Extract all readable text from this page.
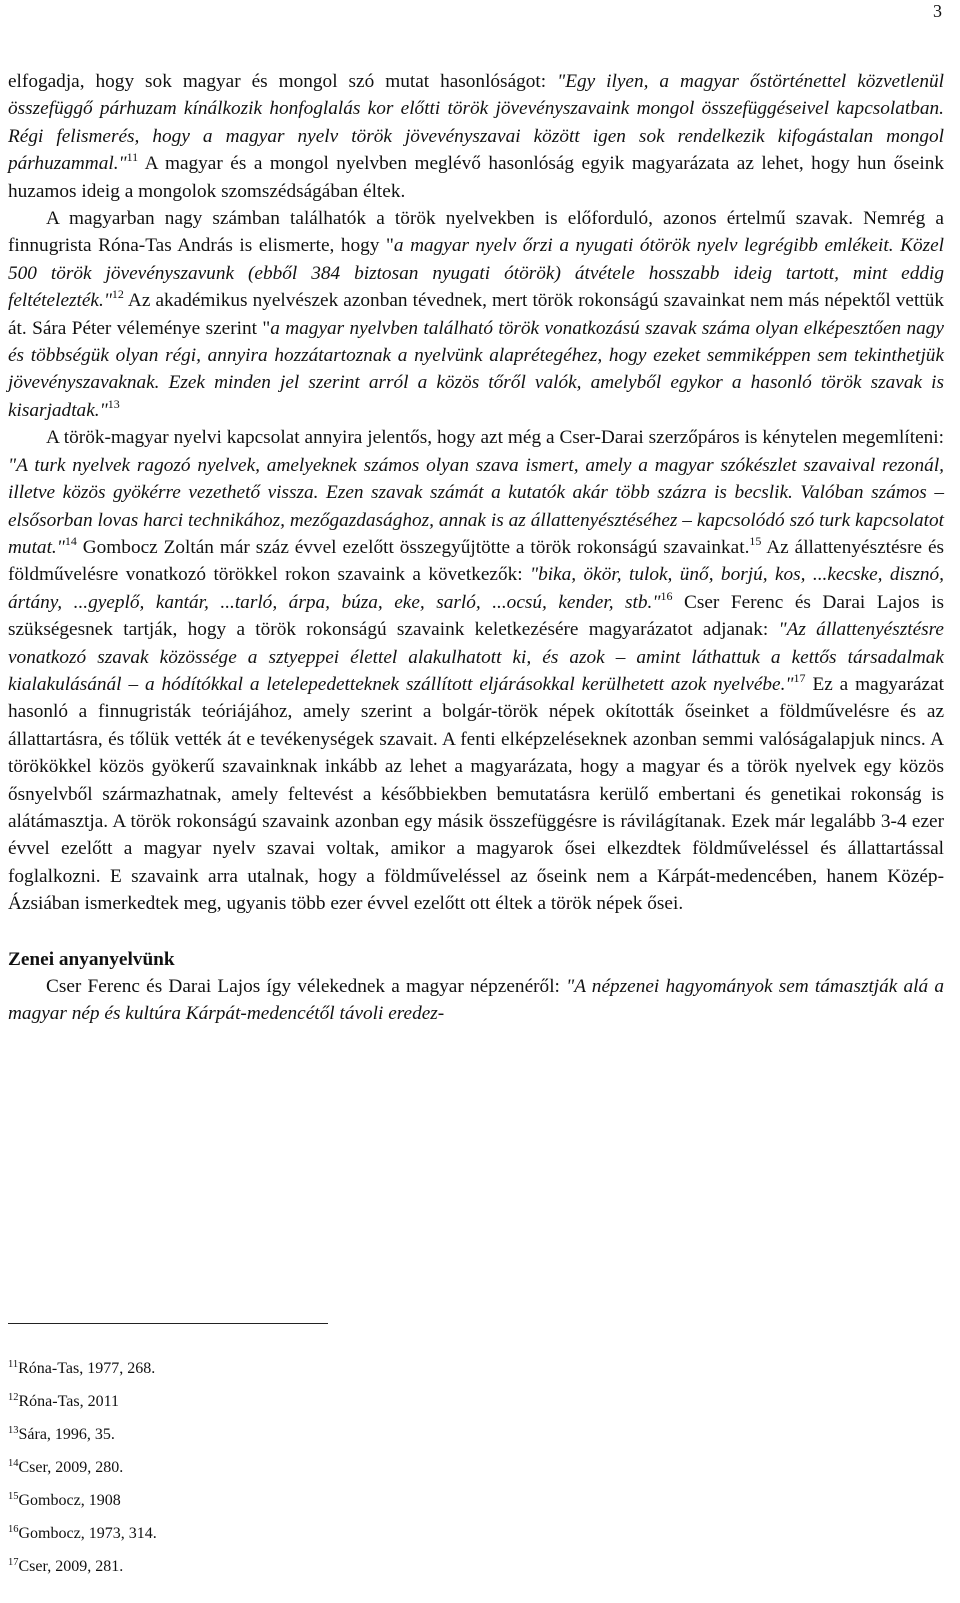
3

elfogadja, hogy sok magyar és mongol szó mutat hasonlóságot: "Egy ilyen, a magyar őstörténettel közvetlenül összefüggő párhuzam kínálkozik honfoglalás kor előtti török jövevényszavaink mongol összefüggéseivel kapcsolatban. Régi felismerés, hogy a magyar nyelv török jövevényszavai között igen sok rendelkezik kifogástalan mongol párhuzammal."$^{11}$ A magyar és a mongol nyelvben meglévő hasonlóság egyik magyarázata az lehet, hogy hun őseink huzamos ideig a mongolok szomszédságában éltek.

A magyarban nagy számban találhatók a török nyelvekben is előforduló, azonos értelmű szavak. Nemrég a finnugrista Róna-Tas András is elismerte, hogy "a magyar nyelv őrzi a nyugati ótörök nyelv legrégibb emlékeit. Közel 500 török jövevényszavunk (ebből 384 biztosan nyugati ótörök) átvétele hosszabb ideig tartott, mint eddig feltételezték."$^{12}$ Az akadémikus nyelvészek azonban tévednek, mert török rokonságú szavainkat nem más népektől vettük át. Sára Péter véleménye szerint "a magyar nyelvben található török vonatkozású szavak száma olyan elképesztően nagy és többségük olyan régi, annyira hozzátartoznak a nyelvünk alaprétegéhez, hogy ezeket semmiképpen sem tekinthetjük jövevényszavaknak. Ezek minden jel szerint arról a közös tőről valók, amelyből egykor a hasonló török szavak is kisarjadtak."$^{13}$

A török-magyar nyelvi kapcsolat annyira jelentős, hogy azt még a Cser-Darai szerzőpáros is kénytelen megemlíteni: "A turk nyelvek ragozó nyelvek, amelyeknek számos olyan szava ismert, amely a magyar szókészlet szavaival rezonál, illetve közös gyökérre vezethető vissza. Ezen szavak számát a kutatók akár több százra is becslik. Valóban számos – elsősorban lovas harci technikához, mezőgazdasághoz, annak is az állattenyésztéséhez – kapcsolódó szó turk kapcsolatot mutat."$^{14}$ Gombocz Zoltán már száz évvel ezelőtt összegyűjtötte a török rokonságú szavainkat.$^{15}$ Az állattenyésztésre és földművelésre vonatkozó törökkel rokon szavaink a következők: "bika, ökör, tulok, ünő, borjú, kos, ...kecske, disznó, ártány, ...gyeplő, kantár, ...tarló, árpa, búza, eke, sarló, ...ocsú, kender, stb."$^{16}$ Cser Ferenc és Darai Lajos is szükségesnek tartják, hogy a török rokonságú szavaink keletkezésére magyarázatot adjanak: "Az állattenyésztésre vonatkozó szavak közössége a sztyeppei élettel alakulhatott ki, és azok – amint láthattuk a kettős társadalmak kialakulásánál – a hódítókkal a letelepedetteknek szállított eljárásokkal kerülhetett azok nyelvébe."$^{17}$ Ez a magyarázat hasonló a finnugristák teóriájához, amely szerint a bolgár-török népek okították őseinket a földművelésre és az állattartásra, és tőlük vették át e tevékenységek szavait. A fenti elképzeléseknek azonban semmi valóságalapjuk nincs. A törökökkel közös gyökerű szavainknak inkább az lehet a magyarázata, hogy a magyar és a török nyelvek egy közös ősnyelvből származhatnak, amely feltevést a későbbiekben bemutatásra kerülő embertani és genetikai rokonság is alátámasztja. A török rokonságú szavaink azonban egy másik összefüggésre is rávilágítanak. Ezek már legalább 3-4 ezer évvel ezelőtt a magyar nyelv szavai voltak, amikor a magyarok ősei elkezdtek földműveléssel és állattartással foglalkozni. E szavaink arra utalnak, hogy a földműveléssel az őseink nem a Kárpát-medencében, hanem Közép-Ázsiában ismerkedtek meg, ugyanis több ezer évvel ezelőtt ott éltek a török népek ősei.

Zenei anyanyelvünk

Cser Ferenc és Darai Lajos így vélekednek a magyar népzenéről: "A népzenei hagyományok sem támasztják alá a magyar nép és kultúra Kárpát-medencétől távoli eredez-

$^{11}$Róna-Tas, 1977, 268.
$^{12}$Róna-Tas, 2011
$^{13}$Sára, 1996, 35.
$^{14}$Cser, 2009, 280.
$^{15}$Gombocz, 1908
$^{16}$Gombocz, 1973, 314.
$^{17}$Cser, 2009, 281.
